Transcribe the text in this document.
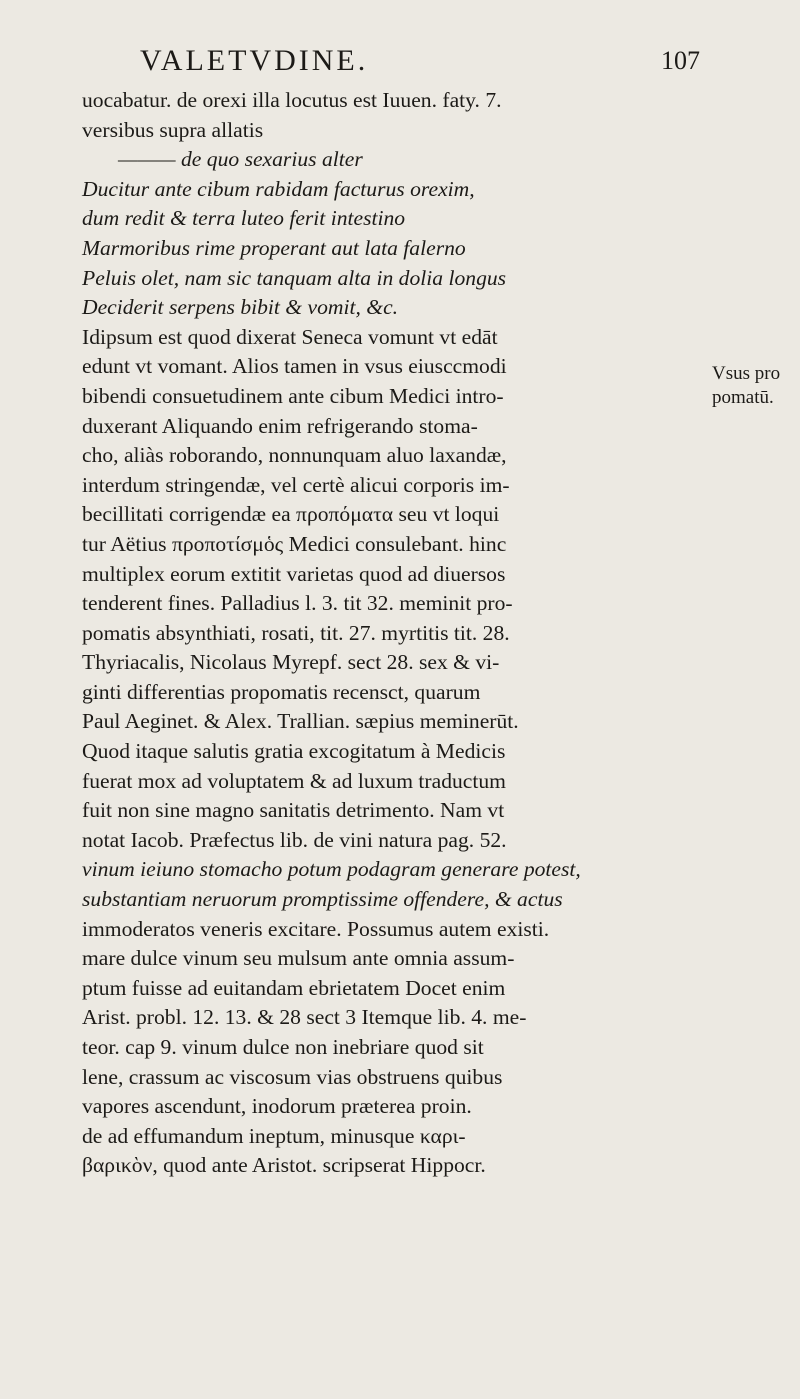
VALETVDINE.	107
uocabatur. de orexi illa locutus est Iuuen. faty. 7.
versibus supra allatis
——— de quo sexarius alter
Ducitur ante cibum rabidam facturus orexim,
dum redit & terra luteo ferit intestino
Marmoribus rime properant aut lata falerno
Peluis olet, nam sic tanquam alta in dolia longus
Deciderit serpens bibit & vomit, &c.
Idipsum est quod dixerat Seneca vomunt vt edāt
edunt vt vomant. Alios tamen in vsus eiusccmodi
bibendi consuetudinem ante cibum Medici intro-
duxerant Aliquando enim refrigerando stoma-
cho, aliàs roborando, nonnunquam aluo laxandæ,
interdum stringendæ, vel certè alicui corporis im-
becillitati corrigendæ ea προπόματα seu vt loqui
tur Aëtius προποτίσμὁς Medici consulebant. hinc
multiplex eorum extitit varietas quod ad diuersos
tenderent fines. Palladius l. 3. tit 32. meminit pro-
pomatis absynthiati, rosati, tit. 27. myrtitis tit. 28.
Thyriacalis, Nicolaus Myrepf. sect 28. sex & vi-
ginti differentias propomatis recensct, quarum
Paul Aeginet. & Alex. Trallian. sæpius meminerūt.
Quod itaque salutis gratia excogitatum à Medicis
fuerat mox ad voluptatem & ad luxum traductum
fuit non sine magno sanitatis detrimento. Nam vt
notat Iacob. Præfectus lib. de vini natura pag. 52.
vinum ieiuno stomacho potum podagram generare potest,
substantiam neruorum promptissime offendere, & actus
immoderatos veneris excitare. Possumus autem existi.
mare dulce vinum seu mulsum ante omnia assum-
ptum fuisse ad euitandam ebrietatem Docet enim
Arist. probl. 12. 13. & 28 sect 3 Itemque lib. 4. me-
teor. cap 9. vinum dulce non inebriare quod sit
lene, crassum ac viscosum vias obstruens quibus
vapores ascendunt, inodorum præterea proin.
de ad effumandum ineptum, minusque καρι-
βαρικὸν, quod ante Aristot. scripserat Hippocr.
Vsus pro
pomatū.
